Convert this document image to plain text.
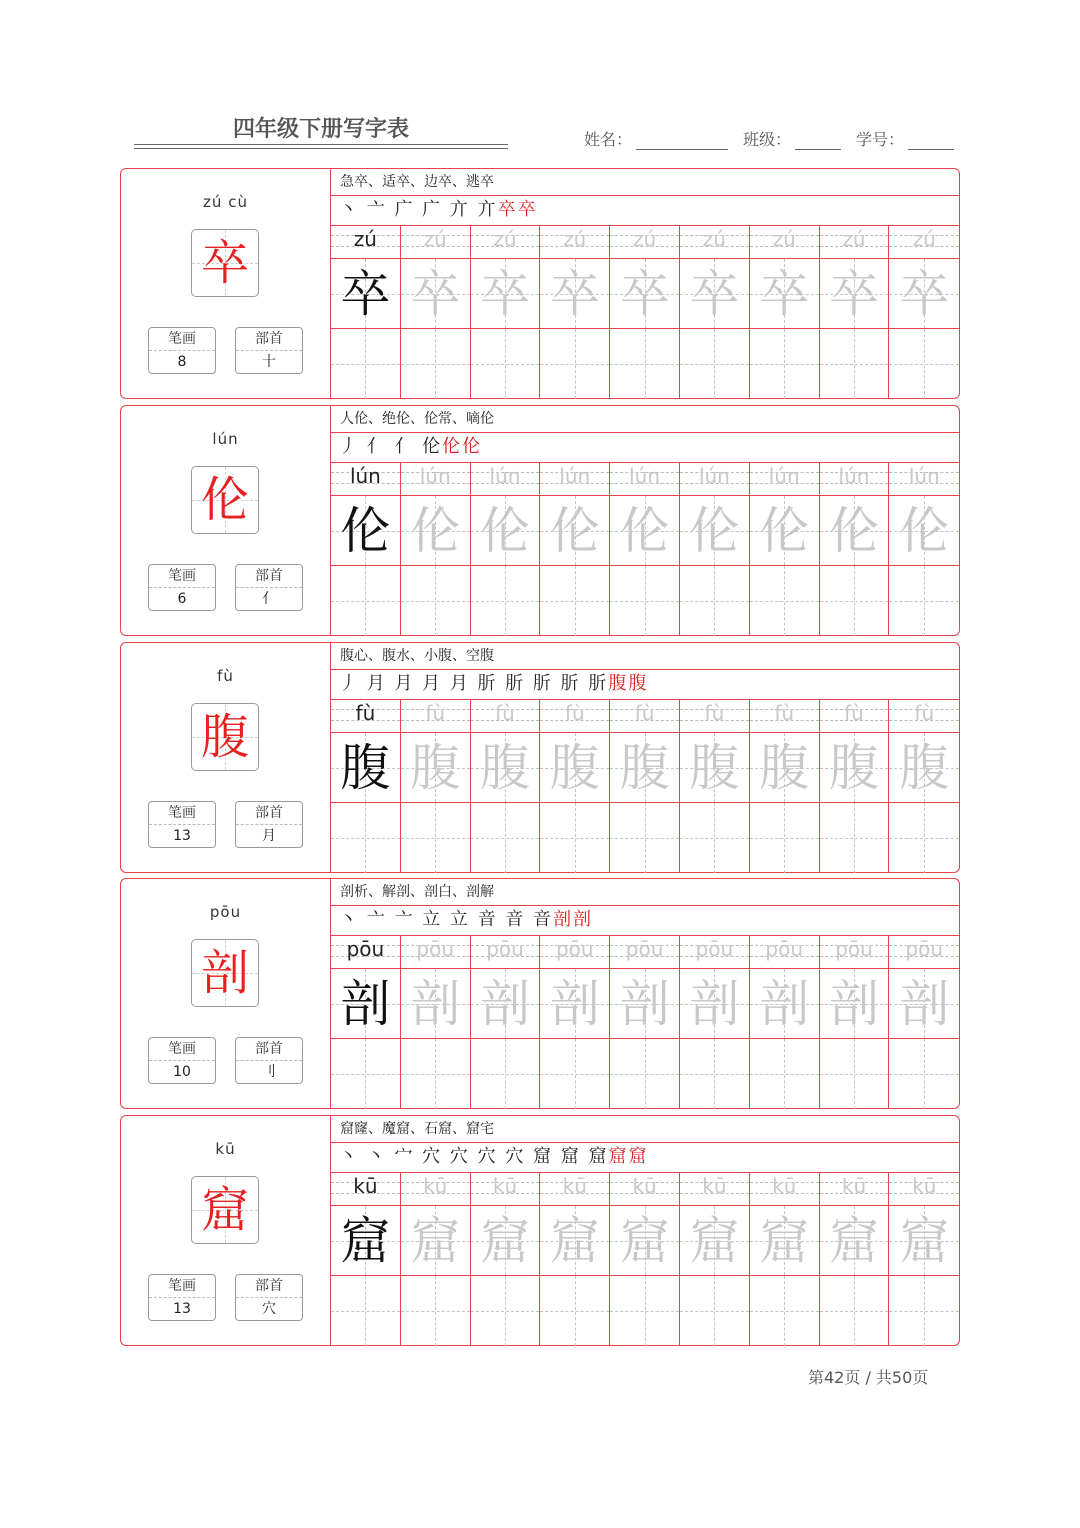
四年级下册写字表	姓名：	班级：	学号：
zú cù
卒
笔画
8
部首
十
急卒、适卒、边卒、逃卒
丶 亠 广 广 亣 亣卒卒
zú
卒
zú
卒
zú
卒
zú
卒
zú
卒
zú
卒
zú
卒
zú
卒
zú
卒
lún
伦
笔画
6
部首
亻
人伦、绝伦、伦常、嘀伦
丿 亻 亻 伦伦伦
lún
伦
lún
伦
lún
伦
lún
伦
lún
伦
lún
伦
lún
伦
lún
伦
lún
伦
fù
腹
笔画
13
部首
月
腹心、腹水、小腹、空腹
丿 月 月 月 月 肵 肵 肵 肵 肵腹腹
fù
腹
fù
腹
fù
腹
fù
腹
fù
腹
fù
腹
fù
腹
fù
腹
fù
腹
pōu
剖
笔画
10
部首
刂
剖析、解剖、剖白、剖解
丶 亠 亠 立 立 音 音 音剖剖
pōu
剖
pōu
剖
pōu
剖
pōu
剖
pōu
剖
pōu
剖
pōu
剖
pōu
剖
pōu
剖
kū
窟
笔画
13
部首
穴
窟窿、魔窟、石窟、窟宅
丶 丶 宀 穴 穴 穴 穴 窟 窟 窟窟窟
kū
窟
kū
窟
kū
窟
kū
窟
kū
窟
kū
窟
kū
窟
kū
窟
kū
窟
第42页 / 共50页
